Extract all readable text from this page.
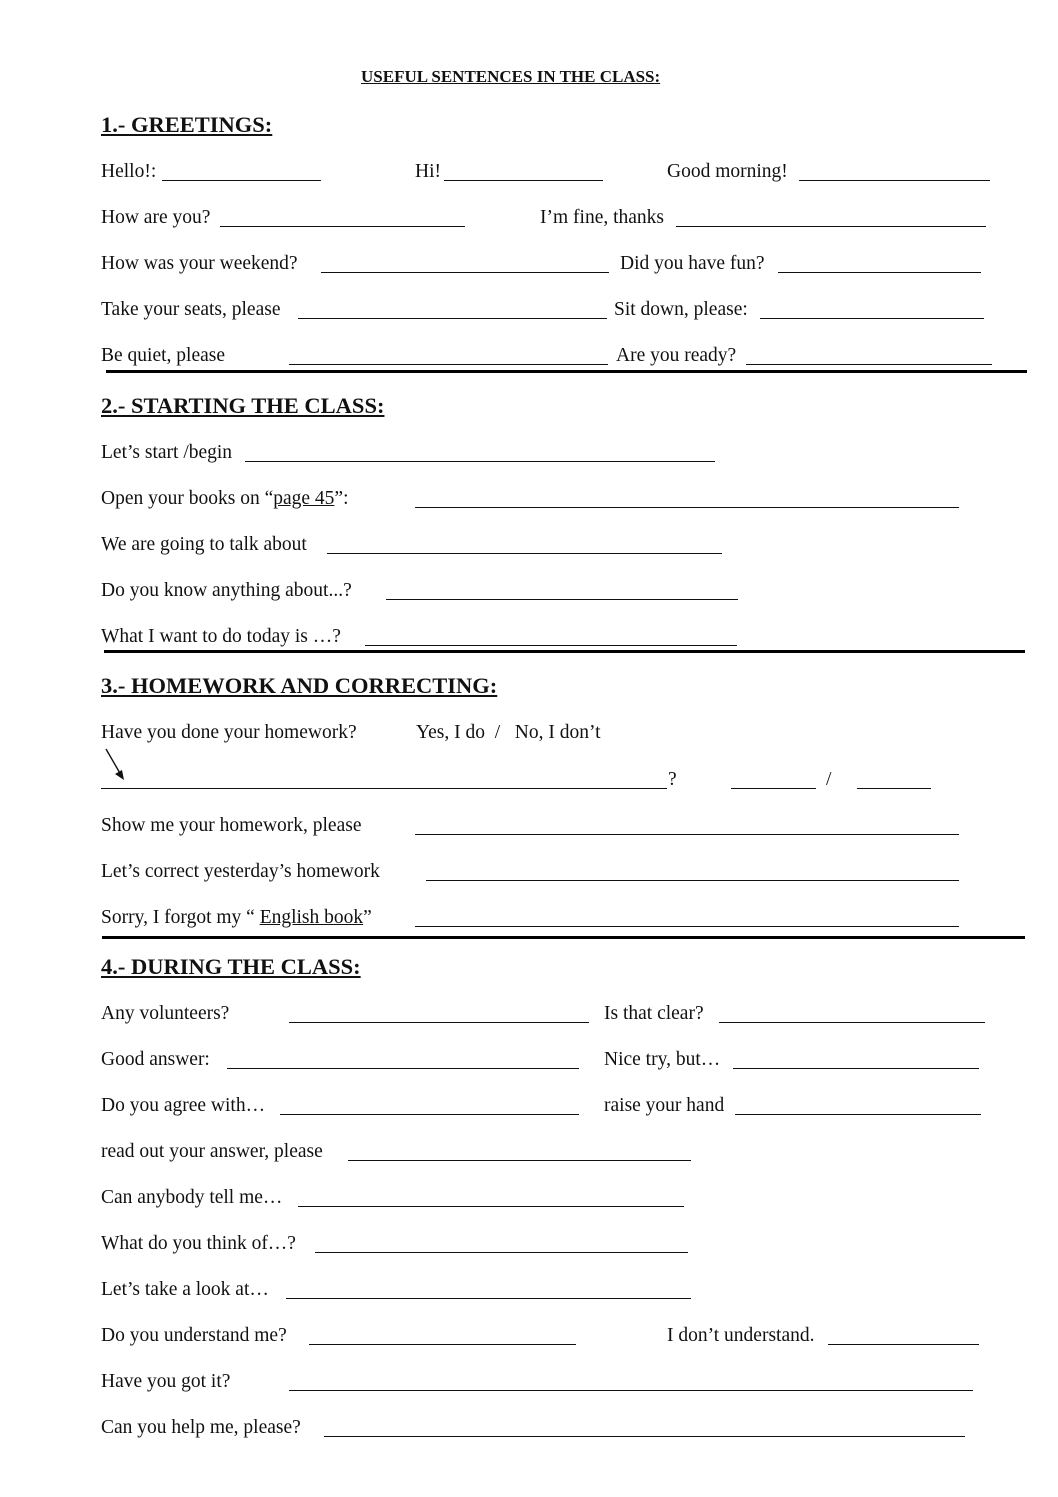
USEFUL SENTENCES IN THE CLASS:
1.- GREETINGS:
Hello!:	Hi!	Good morning!
How are you?	I’m fine, thanks
How was your weekend?	Did you have fun?
Take your seats, please	Sit down, please:
Be quiet, please	Are you ready?
2.- STARTING THE CLASS:
Let’s start /begin
Open your books on “page 45”:
We are going to talk about
Do you know anything about...?
What I want to do today is …?
3.- HOMEWORK AND CORRECTING:
Have you done your homework?	Yes, I do  /   No, I don’t
?	/
Show me your homework, please
Let’s correct yesterday’s homework
Sorry, I forgot my “ English book”
4.- DURING THE CLASS:
Any volunteers?	Is that clear?
Good answer:	Nice try, but…
Do you agree with…	raise your hand
read out your answer, please
Can anybody tell me…
What do you think of…?
Let’s take a look at…
Do you understand me?	I don’t understand.
Have you got it?
Can you help me, please?
